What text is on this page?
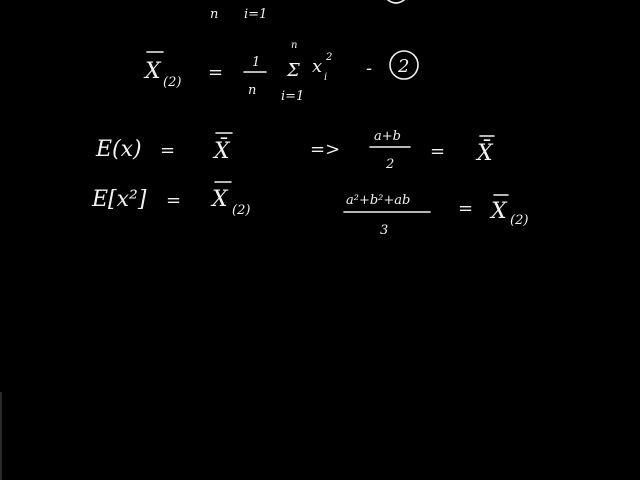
n i=1
X (2) = 1
n
n
Σ
i=1
x 2
i - 2
E(x) = X̄	=>
a+b
2
= X̄
E[x²] = X (2)
a²+b²+ab
3
= X (2)
